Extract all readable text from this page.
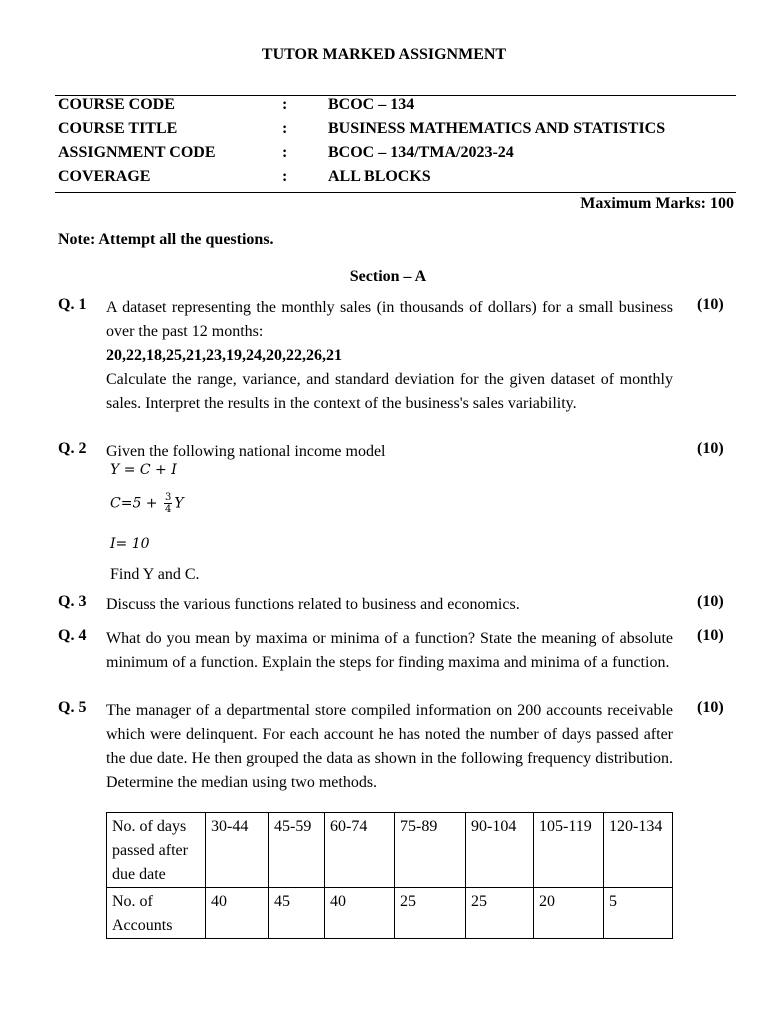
TUTOR MARKED ASSIGNMENT
COURSE CODE	:	BCOC – 134
COURSE TITLE	:	BUSINESS MATHEMATICS AND STATISTICS
ASSIGNMENT CODE	:	BCOC – 134/TMA/2023-24
COVERAGE	:	ALL BLOCKS
Maximum Marks: 100
Note: Attempt all the questions.
Section – A
Q. 1	(10)
A dataset representing the monthly sales (in thousands of dollars) for a small business over the past 12 months:
20,22,18,25,21,23,19,24,20,22,26,21
Calculate the range, variance, and standard deviation for the given dataset of monthly sales. Interpret the results in the context of the business's sales variability.
Q. 2	(10)
Given the following national income model
Y = C + I
$C=5 + \frac{3}{4}$ Y
I= 10
Find Y and C.
Q. 3	(10)
Discuss the various functions related to business and economics.
Q. 4	(10)
What do you mean by maxima or minima of a function? State the meaning of absolute minimum of a function. Explain the steps for finding maxima and minima of a function.
Q. 5	(10)
The manager of a departmental store compiled information on 200 accounts receivable which were delinquent. For each account he has noted the number of days passed after the due date. He then grouped the data as shown in the following frequency distribution. Determine the median using two methods.
No. of days passed after due date	30-44	45-59	60-74	75-89	90-104	105-119	120-134
No. of Accounts	40	45	40	25	25	20	5
